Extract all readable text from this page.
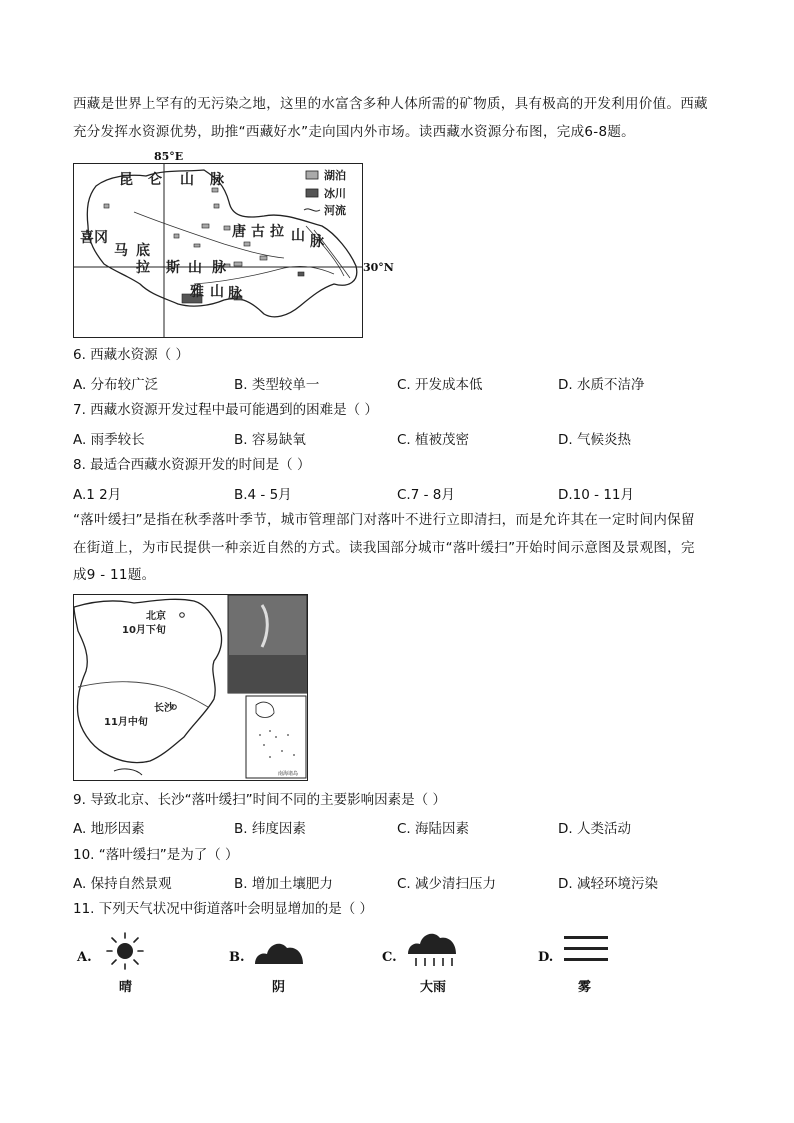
西藏是世界上罕有的无污染之地，这里的水富含多种人体所需的矿物质，具有极高的开发利用价值。西藏
充分发挥水资源优势，助推“西藏好水”走向国内外市场。读西藏水资源分布图，完成6-8题。
湖泊
冰川
河流
昆 仑 山 脉
唐 古 拉 山 脉
冈
底
斯 山 脉
喜
马
拉
雅 山 脉
85°E
30°N
6. 西藏水资源（ ）
A. 分布较广泛	B. 类型较单一	C. 开发成本低	D. 水质不洁净
7. 西藏水资源开发过程中最可能遇到的困难是（ ）
A. 雨季较长	B. 容易缺氧	C. 植被茂密	D. 气候炎热
8. 最适合西藏水资源开发的时间是（ ）
A.1 2月	B.4 - 5月	C.7 - 8月	D.10 - 11月
“落叶缓扫”是指在秋季落叶季节，城市管理部门对落叶不进行立即清扫，而是允许其在一定时间内保留
在街道上，为市民提供一种亲近自然的方式。读我国部分城市“落叶缓扫”开始时间示意图及景观图，完
成9 - 11题。
北京
10月下旬
长沙
11月中旬
南海诸岛
9. 导致北京、长沙“落叶缓扫”时间不同的主要影响因素是（ ）
A. 地形因素	B. 纬度因素	C. 海陆因素	D. 人类活动
10. “落叶缓扫”是为了（ ）
A. 保持自然景观	B. 增加土壤肥力	C. 减少清扫压力	D. 减轻环境污染
11. 下列天气状况中街道落叶会明显增加的是（ ）
A.
晴
B.
阴
C.
大雨
D.
雾
